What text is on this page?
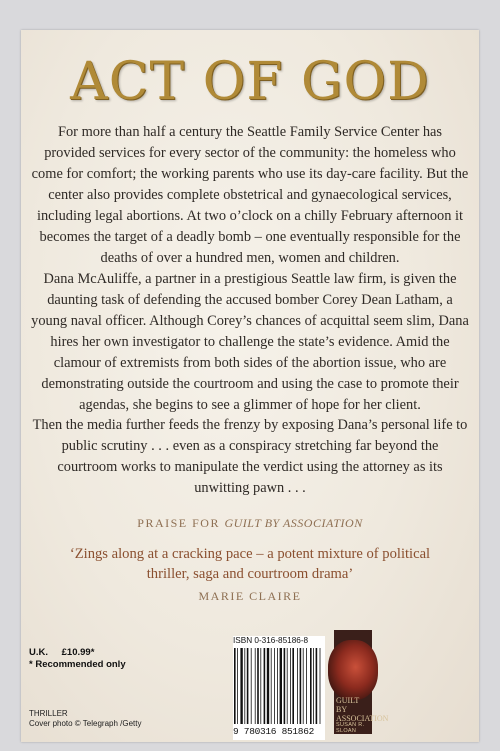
ACT OF GOD

For more than half a century the Seattle Family Service Center has provided services for every sector of the community: the homeless who come for comfort; the working parents who use its day-care facility. But the center also provides complete obstetrical and gynaecological services, including legal abortions. At two o’clock on a chilly February afternoon it becomes the target of a deadly bomb – one eventually responsible for the deaths of over a hundred men, women and children.

Dana McAuliffe, a partner in a prestigious Seattle law firm, is given the daunting task of defending the accused bomber Corey Dean Latham, a young naval officer. Although Corey’s chances of acquittal seem slim, Dana hires her own investigator to challenge the state’s evidence. Amid the clamour of extremists from both sides of the abortion issue, who are demonstrating outside the courtroom and using the case to promote their agendas, she begins to see a glimmer of hope for her client.

Then the media further feeds the frenzy by exposing Dana’s personal life to public scrutiny . . . even as a conspiracy stretching far beyond the courtroom works to manipulate the verdict using the attorney as its unwitting pawn . . .

PRAISE FOR GUILT BY ASSOCIATION

‘Zings along at a cracking pace – a potent mixture of political thriller, saga and courtroom drama’

MARIE CLAIRE
U.K. £10.99*
* Recommended only
THRILLER
Cover photo © Telegraph /Getty
ISBN 0-316-85186-8
9 780316 851862
GUILT BY ASSOCIATION
SUSAN R. SLOAN
